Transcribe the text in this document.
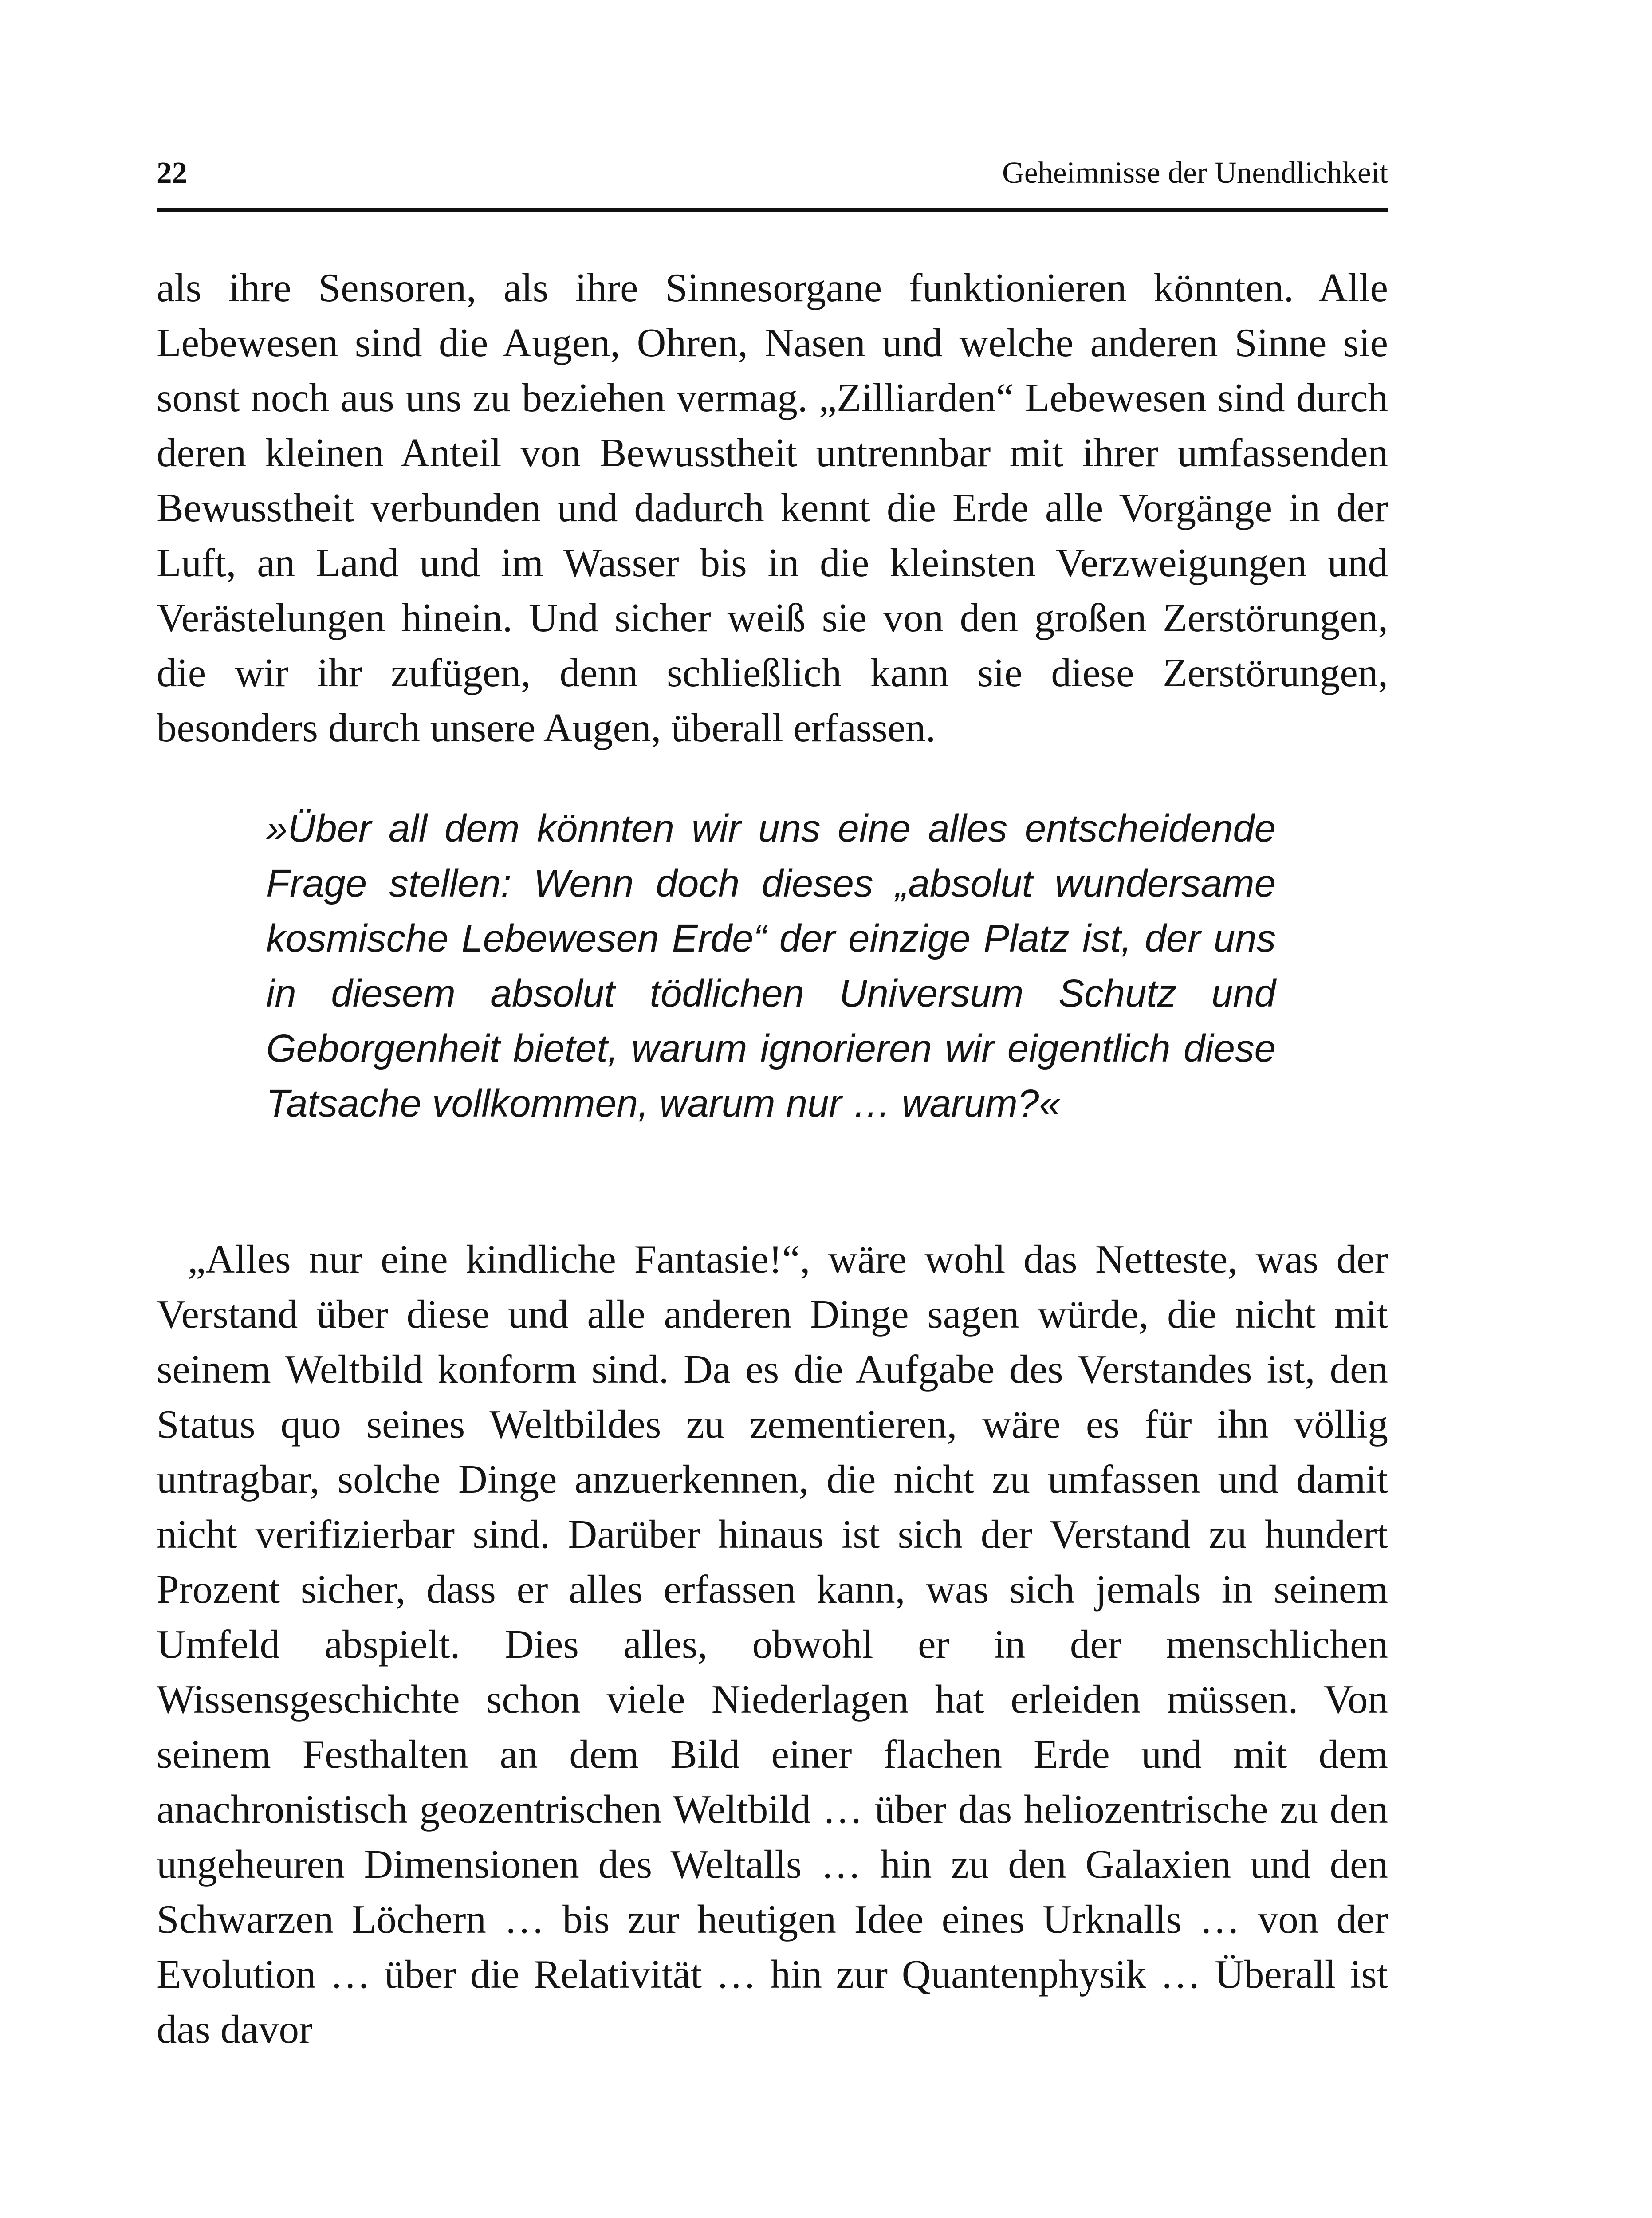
22	Geheimnisse der Unendlichkeit

als ihre Sensoren, als ihre Sinnesorgane funktionieren könnten. Alle Lebewesen sind die Augen, Ohren, Nasen und welche anderen Sinne sie sonst noch aus uns zu beziehen vermag. „Zilliarden“ Lebewesen sind durch deren kleinen Anteil von Bewusstheit untrennbar mit ihrer umfassenden Bewusstheit verbunden und dadurch kennt die Erde alle Vorgänge in der Luft, an Land und im Wasser bis in die kleinsten Verzweigungen und Verästelungen hinein. Und sicher weiß sie von den großen Zerstörungen, die wir ihr zufügen, denn schließlich kann sie diese Zerstörungen, besonders durch unsere Augen, überall erfassen.

»Über all dem könnten wir uns eine alles entscheidende Frage stellen: Wenn doch dieses „absolut wundersame kosmische Lebewesen Erde“ der einzige Platz ist, der uns in diesem absolut tödlichen Universum Schutz und Geborgenheit bietet, warum ignorieren wir eigentlich diese Tatsache vollkommen, warum nur … warum?«

„Alles nur eine kindliche Fantasie!“, wäre wohl das Netteste, was der Verstand über diese und alle anderen Dinge sagen würde, die nicht mit seinem Weltbild konform sind. Da es die Aufgabe des Verstandes ist, den Status quo seines Weltbildes zu zementieren, wäre es für ihn völlig untragbar, solche Dinge anzuerkennen, die nicht zu umfassen und damit nicht verifizierbar sind. Darüber hinaus ist sich der Verstand zu hundert Prozent sicher, dass er alles erfassen kann, was sich jemals in seinem Umfeld abspielt. Dies alles, obwohl er in der menschlichen Wissensgeschichte schon viele Niederlagen hat erleiden müssen. Von seinem Festhalten an dem Bild einer flachen Erde und mit dem anachronistisch geozentrischen Weltbild … über das heliozentrische zu den ungeheuren Dimensionen des Weltalls … hin zu den Galaxien und den Schwarzen Löchern … bis zur heutigen Idee eines Urknalls … von der Evolution … über die Relativität … hin zur Quantenphysik … Überall ist das davor
